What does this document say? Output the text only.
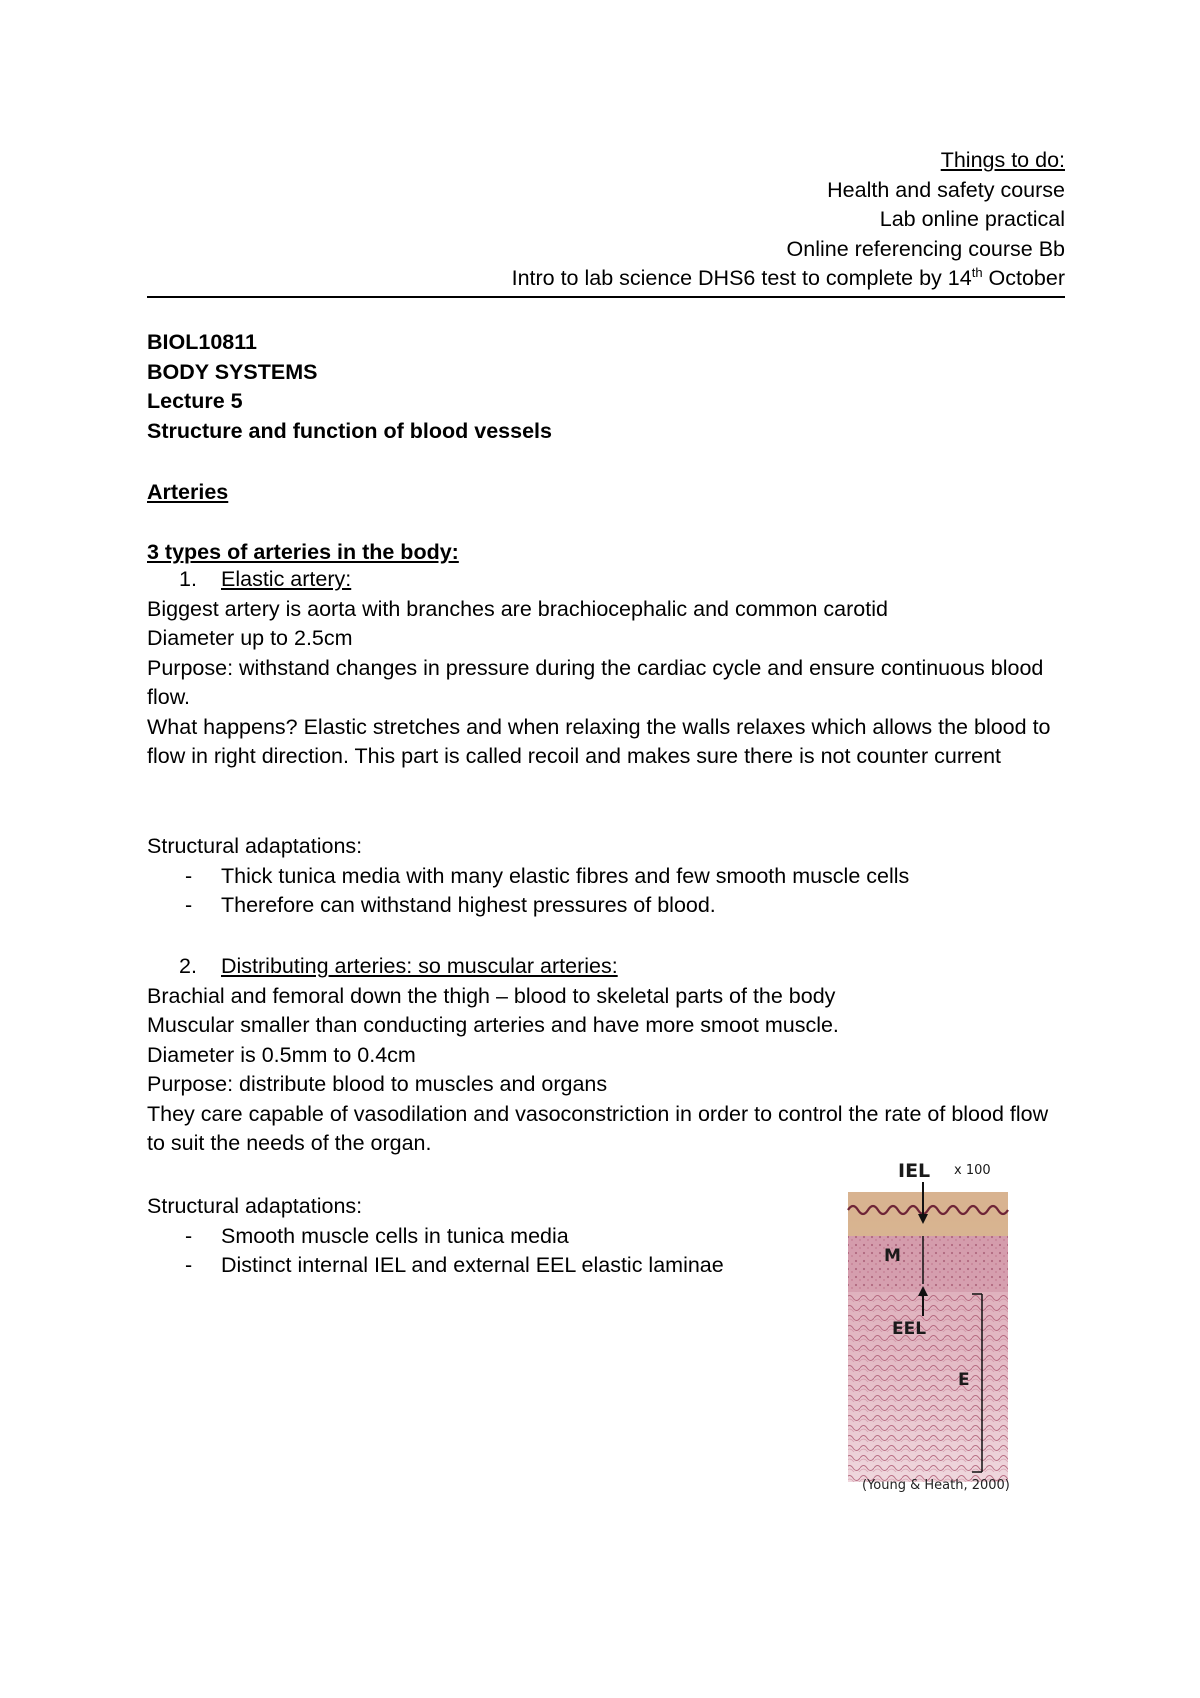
Things to do:
Health and safety course
Lab online practical
Online referencing course Bb
Intro to lab science DHS6 test to complete by 14th October
BIOL10811
BODY SYSTEMS
Lecture 5
Structure and function of blood vessels
Arteries
3 types of arteries in the body:
1. Elastic artery:
Biggest artery is aorta with branches are brachiocephalic and common carotid
Diameter up to 2.5cm
Purpose: withstand changes in pressure during the cardiac cycle and ensure continuous blood flow.
What happens? Elastic stretches and when relaxing the walls relaxes which allows the blood to flow in right direction. This part is called recoil and makes sure there is not counter current
Structural adaptations:
- Thick tunica media with many elastic fibres and few smooth muscle cells
- Therefore can withstand highest pressures of blood.
2. Distributing arteries: so muscular arteries:
Brachial and femoral down the thigh – blood to skeletal parts of the body
Muscular smaller than conducting arteries and have more smoot muscle.
Diameter is 0.5mm to 0.4cm
Purpose: distribute blood to muscles and organs
They care capable of vasodilation and vasoconstriction in order to control the rate of blood flow to suit the needs of the organ.
Structural adaptations:
- Smooth muscle cells in tunica media
- Distinct internal IEL and external EEL elastic laminae
IEL x 100
M
EEL
E
(Young & Heath, 2000)
